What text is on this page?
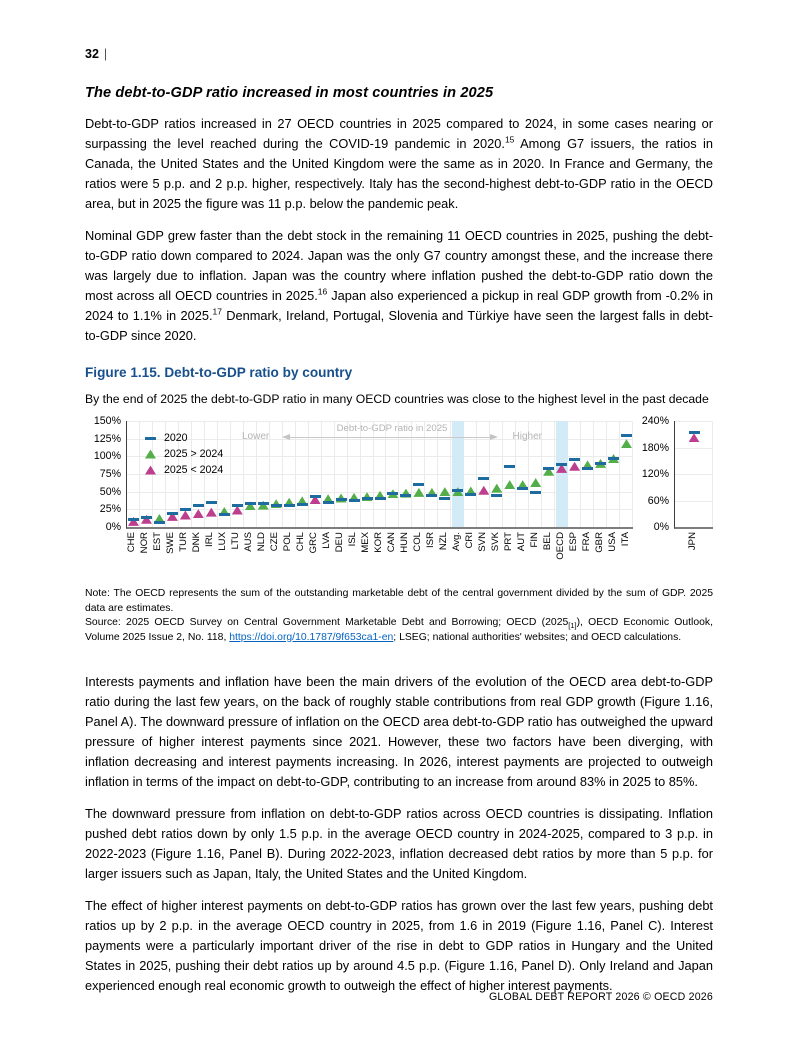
32 |
The debt-to-GDP ratio increased in most countries in 2025

Debt-to-GDP ratios increased in 27 OECD countries in 2025 compared to 2024, in some cases nearing or surpassing the level reached during the COVID-19 pandemic in 2020.15 Among G7 issuers, the ratios in Canada, the United States and the United Kingdom were the same as in 2020. In France and Germany, the ratios were 5 p.p. and 2 p.p. higher, respectively. Italy has the second-highest debt-to-GDP ratio in the OECD area, but in 2025 the figure was 11 p.p. below the pandemic peak.

Nominal GDP grew faster than the debt stock in the remaining 11 OECD countries in 2025, pushing the debt-to-GDP ratio down compared to 2024. Japan was the only G7 country amongst these, and the increase there was largely due to inflation. Japan was the country where inflation pushed the debt-to-GDP ratio down the most across all OECD countries in 2025.16 Japan also experienced a pickup in real GDP growth from -0.2% in 2024 to 1.1% in 2025.17 Denmark, Ireland, Portugal, Slovenia and Türkiye have seen the largest falls in debt-to-GDP since 2020.

Figure 1.15. Debt-to-GDP ratio by country

By the end of 2025 the debt-to-GDP ratio in many OECD countries was close to the highest level in the past decade

150%
125%
100%
75%
50%
25%
0%
2020
2025 > 2024
2025 < 2024
Debt-to-GDP ratio in 2025
Lower	Higher
CHE NOR EST SWE TUR DNK IRL LUX LTU AUS NLD CZE POL CHL GRC LVA DEU ISL MEX KOR CAN HUN COL ISR NZL Avg. CRI SVN SVK PRT AUT FIN BEL OECD ESP FRA GBR USA ITA
240%
180%
120%
60%
0%
JPN

Note: The OECD represents the sum of the outstanding marketable debt of the central government divided by the sum of GDP. 2025 data are estimates.

Source: 2025 OECD Survey on Central Government Marketable Debt and Borrowing; OECD $(2025_{[1]})$, OECD Economic Outlook, Volume 2025 Issue 2, No. 118, https://doi.org/10.1787/9f653ca1-en; LSEG; national authorities' websites; and OECD calculations.

Interests payments and inflation have been the main drivers of the evolution of the OECD area debt-to-GDP ratio during the last few years, on the back of roughly stable contributions from real GDP growth (Figure 1.16, Panel A). The downward pressure of inflation on the OECD area debt-to-GDP ratio has outweighed the upward pressure of higher interest payments since 2021. However, these two factors have been diverging, with inflation decreasing and interest payments increasing. In 2026, interest payments are projected to outweigh inflation in terms of the impact on debt-to-GDP, contributing to an increase from around 83% in 2025 to 85%.

The downward pressure from inflation on debt-to-GDP ratios across OECD countries is dissipating. Inflation pushed debt ratios down by only 1.5 p.p. in the average OECD country in 2024-2025, compared to 3 p.p. in 2022-2023 (Figure 1.16, Panel B). During 2022-2023, inflation decreased debt ratios by more than 5 p.p. for larger issuers such as Japan, Italy, the United States and the United Kingdom.

The effect of higher interest payments on debt-to-GDP ratios has grown over the last few years, pushing debt ratios up by 2 p.p. in the average OECD country in 2025, from 1.6 in 2019 (Figure 1.16, Panel C). Interest payments were a particularly important driver of the rise in debt to GDP ratios in Hungary and the United States in 2025, pushing their debt ratios up by around 4.5 p.p. (Figure 1.16, Panel D). Only Ireland and Japan experienced enough real economic growth to outweigh the effect of higher interest payments.

GLOBAL DEBT REPORT 2026 © OECD 2026
